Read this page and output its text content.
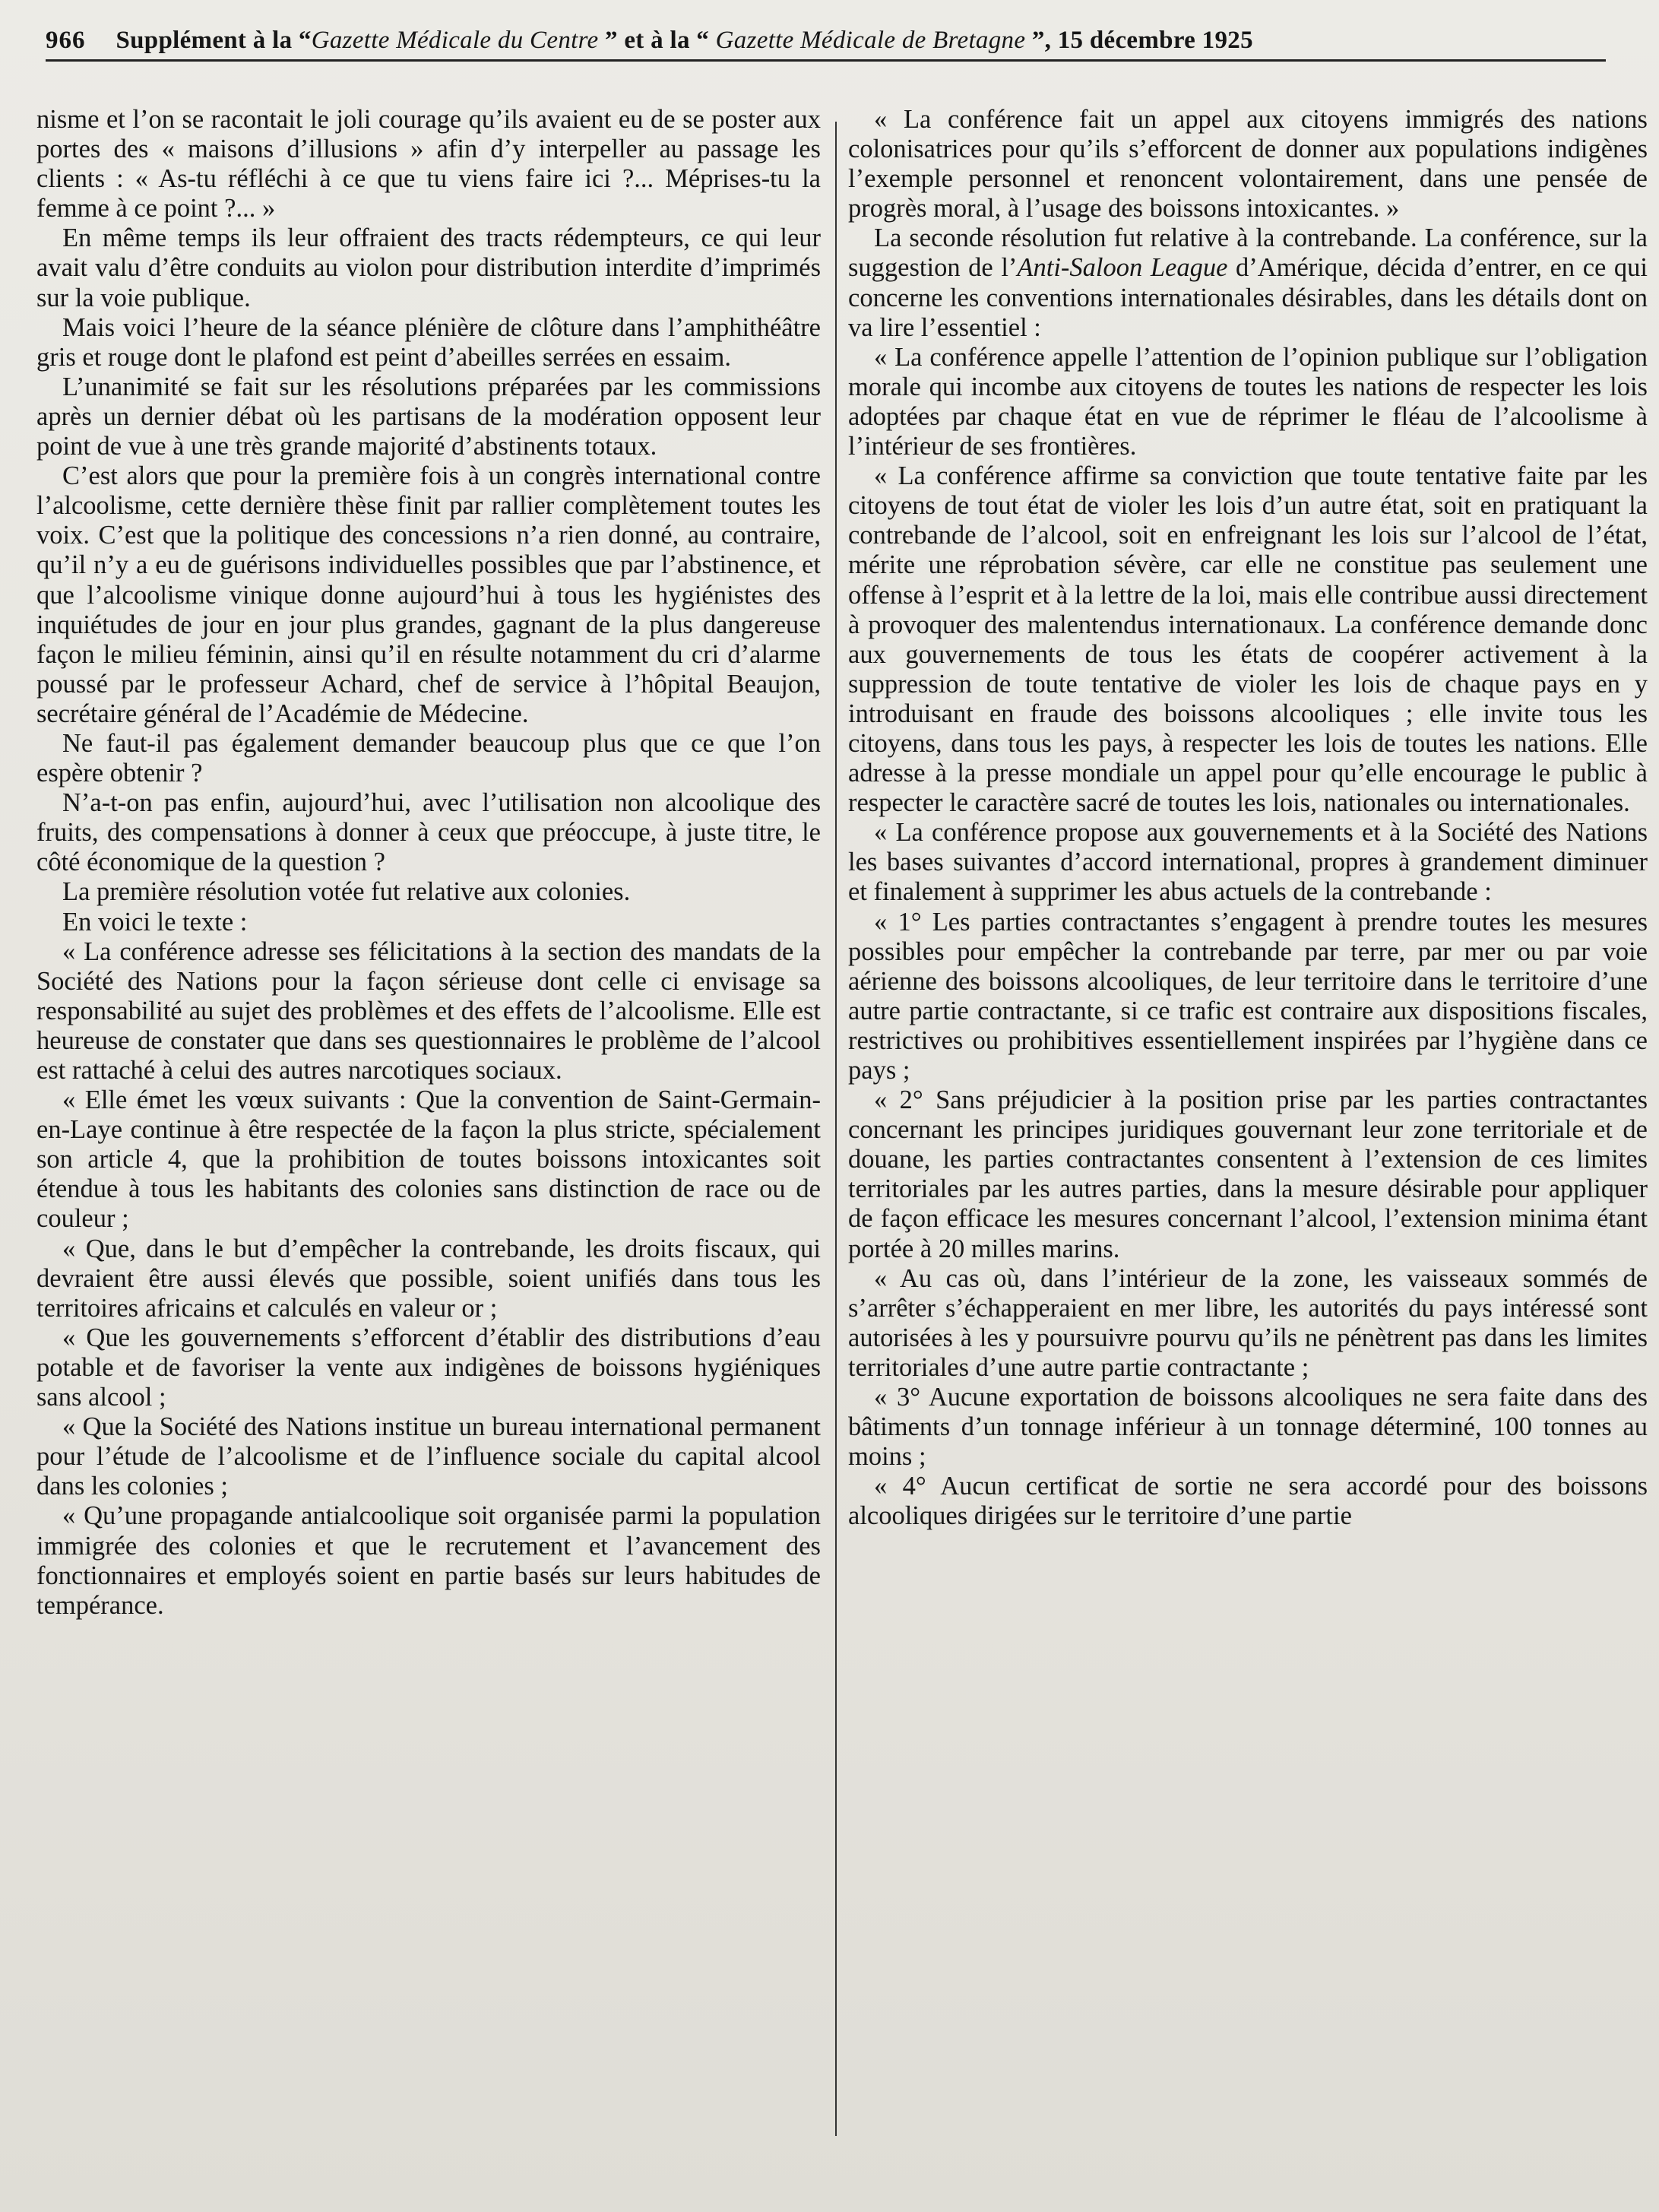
966 Supplément à la “Gazette Médicale du Centre ” et à la “ Gazette Médicale de Bretagne ”, 15 décembre 1925

nisme et l’on se racontait le joli courage qu’ils avaient eu de se poster aux portes des « maisons d’illusions » afin d’y interpeller au passage les clients : « As-tu réfléchi à ce que tu viens faire ici ?... Méprises-tu la femme à ce point ?... »

En même temps ils leur offraient des tracts rédempteurs, ce qui leur avait valu d’être conduits au violon pour distribution interdite d’imprimés sur la voie publique.

Mais voici l’heure de la séance plénière de clôture dans l’amphithéâtre gris et rouge dont le plafond est peint d’abeilles serrées en essaim.

L’unanimité se fait sur les résolutions préparées par les commissions après un dernier débat où les partisans de la modération opposent leur point de vue à une très grande majorité d’abstinents totaux.

C’est alors que pour la première fois à un congrès international contre l’alcoolisme, cette dernière thèse finit par rallier complètement toutes les voix. C’est que la politique des concessions n’a rien donné, au contraire, qu’il n’y a eu de guérisons individuelles possibles que par l’abstinence, et que l’alcoolisme vinique donne aujourd’hui à tous les hygiénistes des inquiétudes de jour en jour plus grandes, gagnant de la plus dangereuse façon le milieu féminin, ainsi qu’il en résulte notamment du cri d’alarme poussé par le professeur Achard, chef de service à l’hôpital Beaujon, secrétaire général de l’Académie de Médecine.

Ne faut-il pas également demander beaucoup plus que ce que l’on espère obtenir ?

N’a-t-on pas enfin, aujourd’hui, avec l’utilisation non alcoolique des fruits, des compensations à donner à ceux que préoccupe, à juste titre, le côté économique de la question ?

La première résolution votée fut relative aux colonies.

En voici le texte :

« La conférence adresse ses félicitations à la section des mandats de la Société des Nations pour la façon sérieuse dont celle ci envisage sa responsabilité au sujet des problèmes et des effets de l’alcoolisme. Elle est heureuse de constater que dans ses questionnaires le problème de l’alcool est rattaché à celui des autres narcotiques sociaux.

« Elle émet les vœux suivants : Que la convention de Saint-Germain-en-Laye continue à être respectée de la façon la plus stricte, spécialement son article 4, que la prohibition de toutes boissons intoxicantes soit étendue à tous les habitants des colonies sans distinction de race ou de couleur ;

« Que, dans le but d’empêcher la contrebande, les droits fiscaux, qui devraient être aussi élevés que possible, soient unifiés dans tous les territoires africains et calculés en valeur or ;

« Que les gouvernements s’efforcent d’établir des distributions d’eau potable et de favoriser la vente aux indigènes de boissons hygiéniques sans alcool ;

« Que la Société des Nations institue un bureau international permanent pour l’étude de l’alcoolisme et de l’influence sociale du capital alcool dans les colonies ;

« Qu’une propagande antialcoolique soit organisée parmi la population immigrée des colonies et que le recrutement et l’avancement des fonctionnaires et employés soient en partie basés sur leurs habitudes de tempérance.

« La conférence fait un appel aux citoyens immigrés des nations colonisatrices pour qu’ils s’efforcent de donner aux populations indigènes l’exemple personnel et renoncent volontairement, dans une pensée de progrès moral, à l’usage des boissons intoxicantes. »

La seconde résolution fut relative à la contrebande. La conférence, sur la suggestion de l’Anti-Saloon League d’Amérique, décida d’entrer, en ce qui concerne les conventions internationales désirables, dans les détails dont on va lire l’essentiel :

« La conférence appelle l’attention de l’opinion publique sur l’obligation morale qui incombe aux citoyens de toutes les nations de respecter les lois adoptées par chaque état en vue de réprimer le fléau de l’alcoolisme à l’intérieur de ses frontières.

« La conférence affirme sa conviction que toute tentative faite par les citoyens de tout état de violer les lois d’un autre état, soit en pratiquant la contrebande de l’alcool, soit en enfreignant les lois sur l’alcool de l’état, mérite une réprobation sévère, car elle ne constitue pas seulement une offense à l’esprit et à la lettre de la loi, mais elle contribue aussi directement à provoquer des malentendus internationaux. La conférence demande donc aux gouvernements de tous les états de coopérer activement à la suppression de toute tentative de violer les lois de chaque pays en y introduisant en fraude des boissons alcooliques ; elle invite tous les citoyens, dans tous les pays, à respecter les lois de toutes les nations. Elle adresse à la presse mondiale un appel pour qu’elle encourage le public à respecter le caractère sacré de toutes les lois, nationales ou internationales.

« La conférence propose aux gouvernements et à la Société des Nations les bases suivantes d’accord international, propres à grandement diminuer et finalement à supprimer les abus actuels de la contrebande :

« 1° Les parties contractantes s’engagent à prendre toutes les mesures possibles pour empêcher la contrebande par terre, par mer ou par voie aérienne des boissons alcooliques, de leur territoire dans le territoire d’une autre partie contractante, si ce trafic est contraire aux dispositions fiscales, restrictives ou prohibitives essentiellement inspirées par l’hygiène dans ce pays ;

« 2° Sans préjudicier à la position prise par les parties contractantes concernant les principes juridiques gouvernant leur zone territoriale et de douane, les parties contractantes consentent à l’extension de ces limites territoriales par les autres parties, dans la mesure désirable pour appliquer de façon efficace les mesures concernant l’alcool, l’extension minima étant portée à 20 milles marins.

« Au cas où, dans l’intérieur de la zone, les vaisseaux sommés de s’arrêter s’échapperaient en mer libre, les autorités du pays intéressé sont autorisées à les y poursuivre pourvu qu’ils ne pénètrent pas dans les limites territoriales d’une autre partie contractante ;

« 3° Aucune exportation de boissons alcooliques ne sera faite dans des bâtiments d’un tonnage inférieur à un tonnage déterminé, 100 tonnes au moins ;

« 4° Aucun certificat de sortie ne sera accordé pour des boissons alcooliques dirigées sur le territoire d’une partie
